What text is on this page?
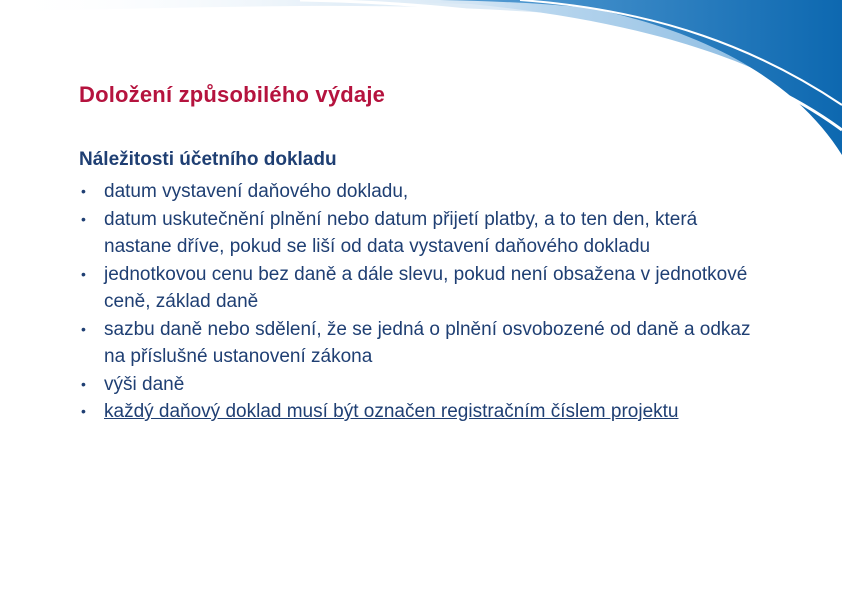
Doložení způsobilého výdaje
Náležitosti účetního dokladu
• datum vystavení daňového dokladu,
• datum uskutečnění plnění nebo datum přijetí platby, a to ten den, která nastane dříve, pokud se liší od data vystavení daňového dokladu
• jednotkovou cenu bez daně a dále slevu, pokud není obsažena v jednotkové ceně, základ daně
• sazbu daně nebo sdělení, že se jedná o plnění osvobozené od daně a odkaz na příslušné ustanovení zákona
• výši daně
• každý daňový doklad musí být označen registračním číslem projektu
